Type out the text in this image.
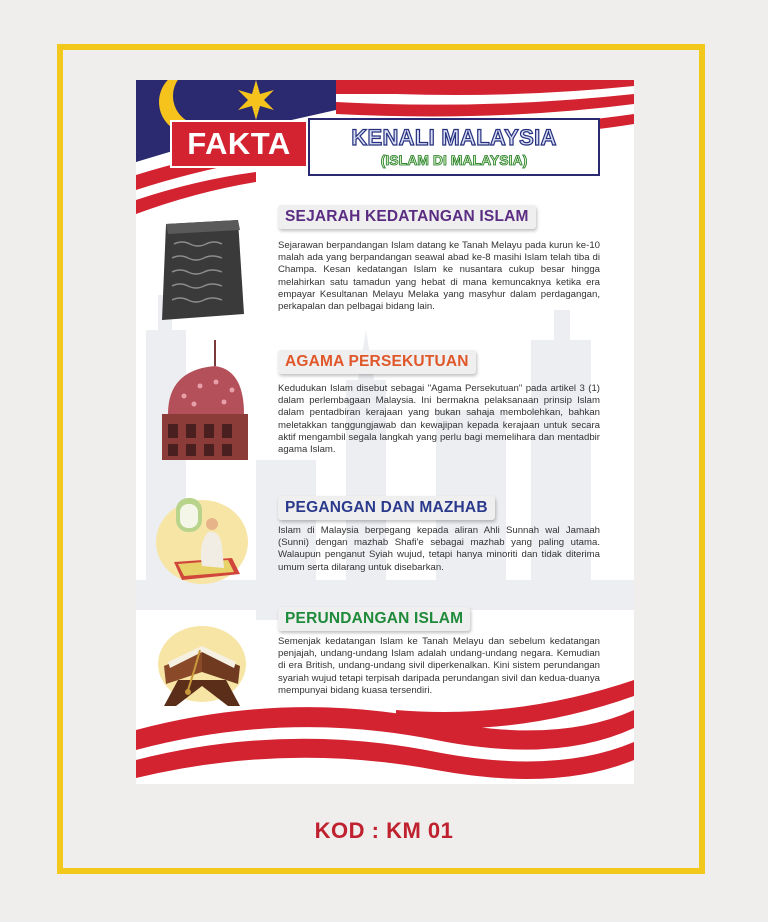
FAKTA	KENALI MALAYSIA
(ISLAM DI MALAYSIA)
SEJARAH KEDATANGAN ISLAM
Sejarawan berpandangan Islam datang ke Tanah Melayu pada kurun ke-10 malah ada yang berpandangan seawal abad ke-8 masihi Islam telah tiba di Champa. Kesan kedatangan Islam ke nusantara cukup besar hingga melahirkan satu tamadun yang hebat di mana kemuncaknya ketika era empayar Kesultanan Melayu Melaka yang masyhur dalam perdagangan, perkapalan dan pelbagai bidang lain.
AGAMA PERSEKUTUAN
Kedudukan Islam disebut sebagai "Agama Persekutuan" pada artikel 3 (1) dalam perlembagaan Malaysia. Ini bermakna pelaksanaan prinsip Islam dalam pentadbiran kerajaan yang bukan sahaja membolehkan, bahkan meletakkan tanggungjawab dan kewajipan kepada kerajaan untuk secara aktif mengambil segala langkah yang perlu bagi memelihara dan mentadbir agama Islam.
PEGANGAN DAN MAZHAB
Islam di Malaysia berpegang kepada aliran Ahli Sunnah wal Jamaah (Sunni) dengan mazhab Shafi'e sebagai mazhab yang paling utama. Walaupun penganut Syiah wujud, tetapi hanya minoriti dan tidak diterima umum serta dilarang untuk disebarkan.
PERUNDANGAN ISLAM
Semenjak kedatangan Islam ke Tanah Melayu dan sebelum kedatangan penjajah, undang-undang Islam adalah undang-undang negara. Kemudian di era British, undang-undang sivil diperkenalkan. Kini sistem perundangan syariah wujud tetapi terpisah daripada perundangan sivil dan kedua-duanya mempunyai bidang kuasa tersendiri.
KOD : KM 01
